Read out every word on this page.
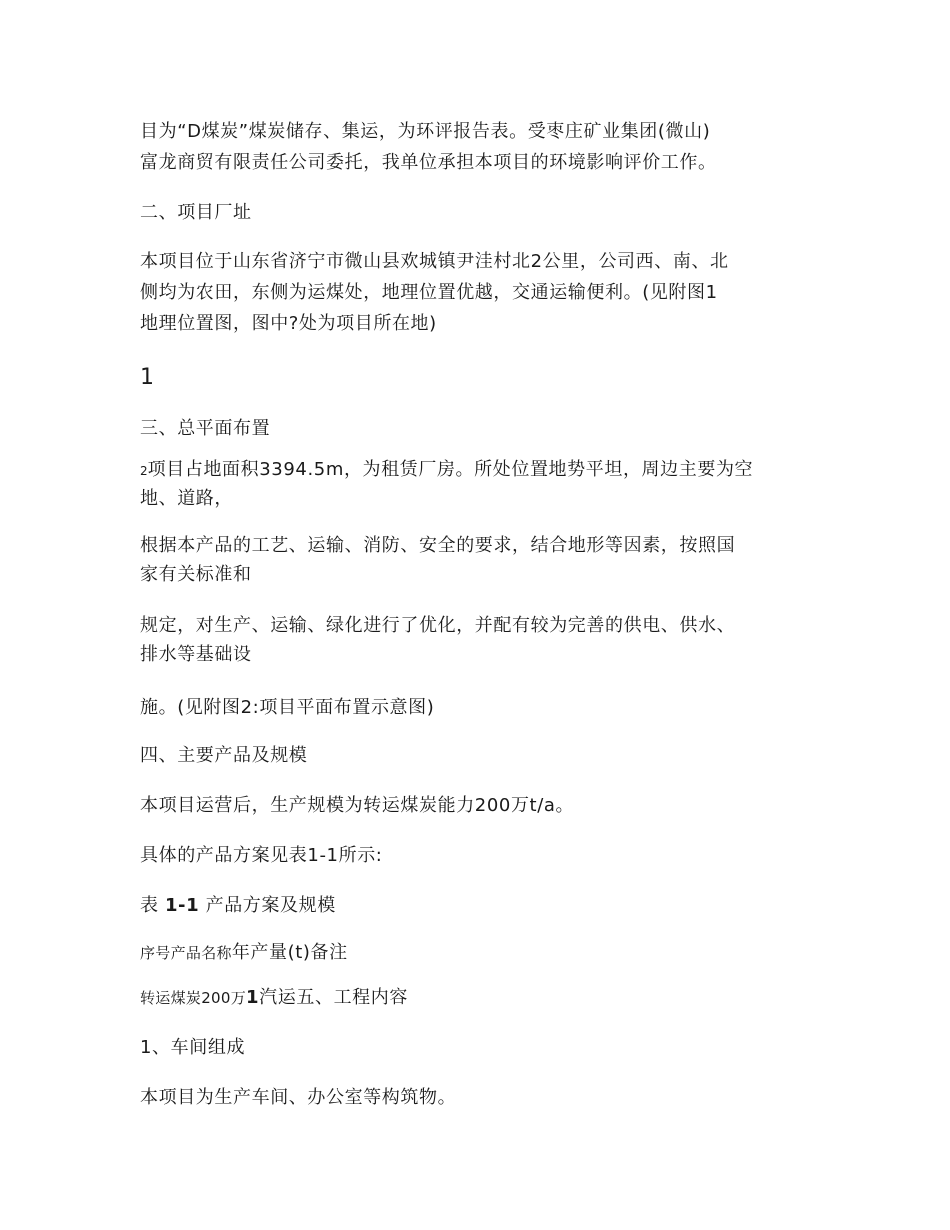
目为“D煤炭”煤炭储存、集运，为环评报告表。受枣庄矿业集团(微山)
富龙商贸有限责任公司委托，我单位承担本项目的环境影响评价工作。
二、项目厂址
本项目位于山东省济宁市微山县欢城镇尹洼村北2公里，公司西、南、北
侧均为农田，东侧为运煤处，地理位置优越，交通运输便利。(见附图1
地理位置图，图中?处为项目所在地)
1
三、总平面布置
2项目占地面积3394.5m，为租赁厂房。所处位置地势平坦，周边主要为空
地、道路，
根据本产品的工艺、运输、消防、安全的要求，结合地形等因素，按照国
家有关标准和
规定，对生产、运输、绿化进行了优化，并配有较为完善的供电、供水、
排水等基础设
施。(见附图2:项目平面布置示意图)
四、主要产品及规模
本项目运营后，生产规模为转运煤炭能力200万t/a。
具体的产品方案见表1-1所示:
表 1-1 产品方案及规模
序号产品名称年产量(t)备注
转运煤炭200万1汽运五、工程内容
1、车间组成
本项目为生产车间、办公室等构筑物。
